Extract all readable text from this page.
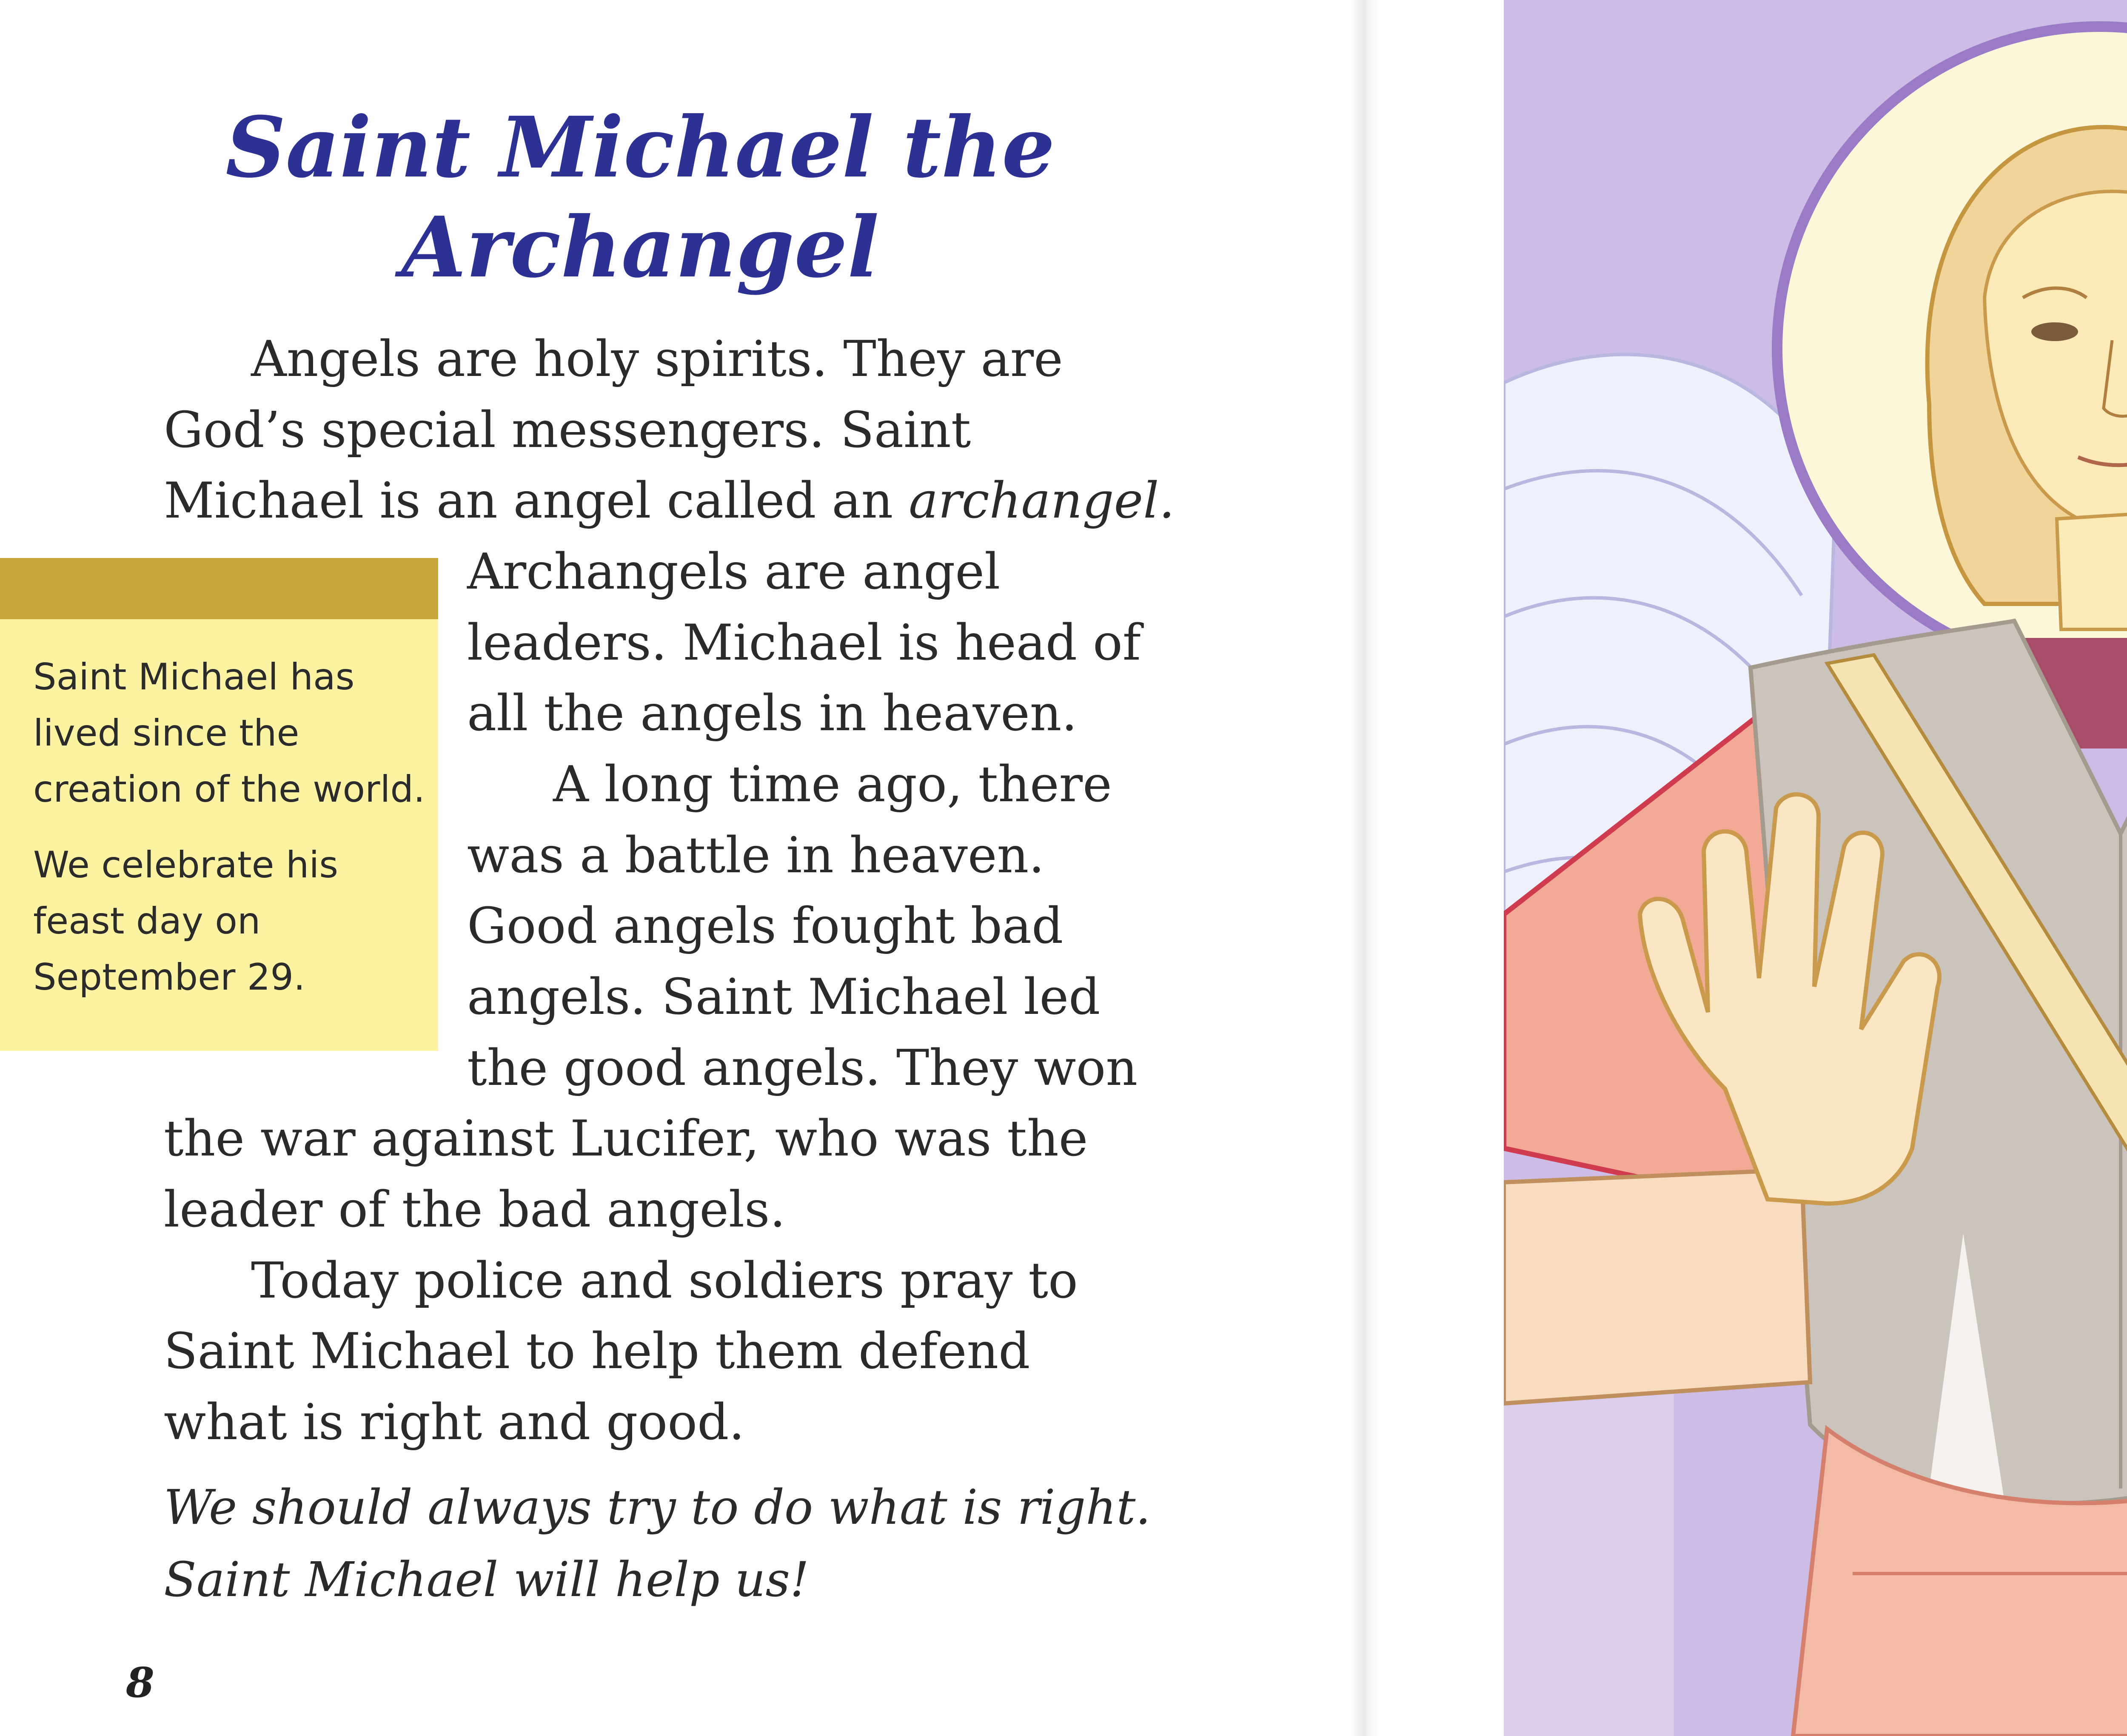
Saint Michael the
Archangel
Angels are holy spirits. They are
God’s special messengers. Saint
Michael is an angel called an archangel.
Archangels are angel
leaders. Michael is head of
all the angels in heaven.
A long time ago, there
was a battle in heaven.
Good angels fought bad
angels. Saint Michael led
the good angels. They won
the war against Lucifer, who was the
leader of the bad angels.
Today police and soldiers pray to
Saint Michael to help them defend
what is right and good.

Saint Michael has

lived since the

creation of the world.

We celebrate his

feast day on

September 29.

We should always try to do what is right.
Saint Michael will help us!
8
